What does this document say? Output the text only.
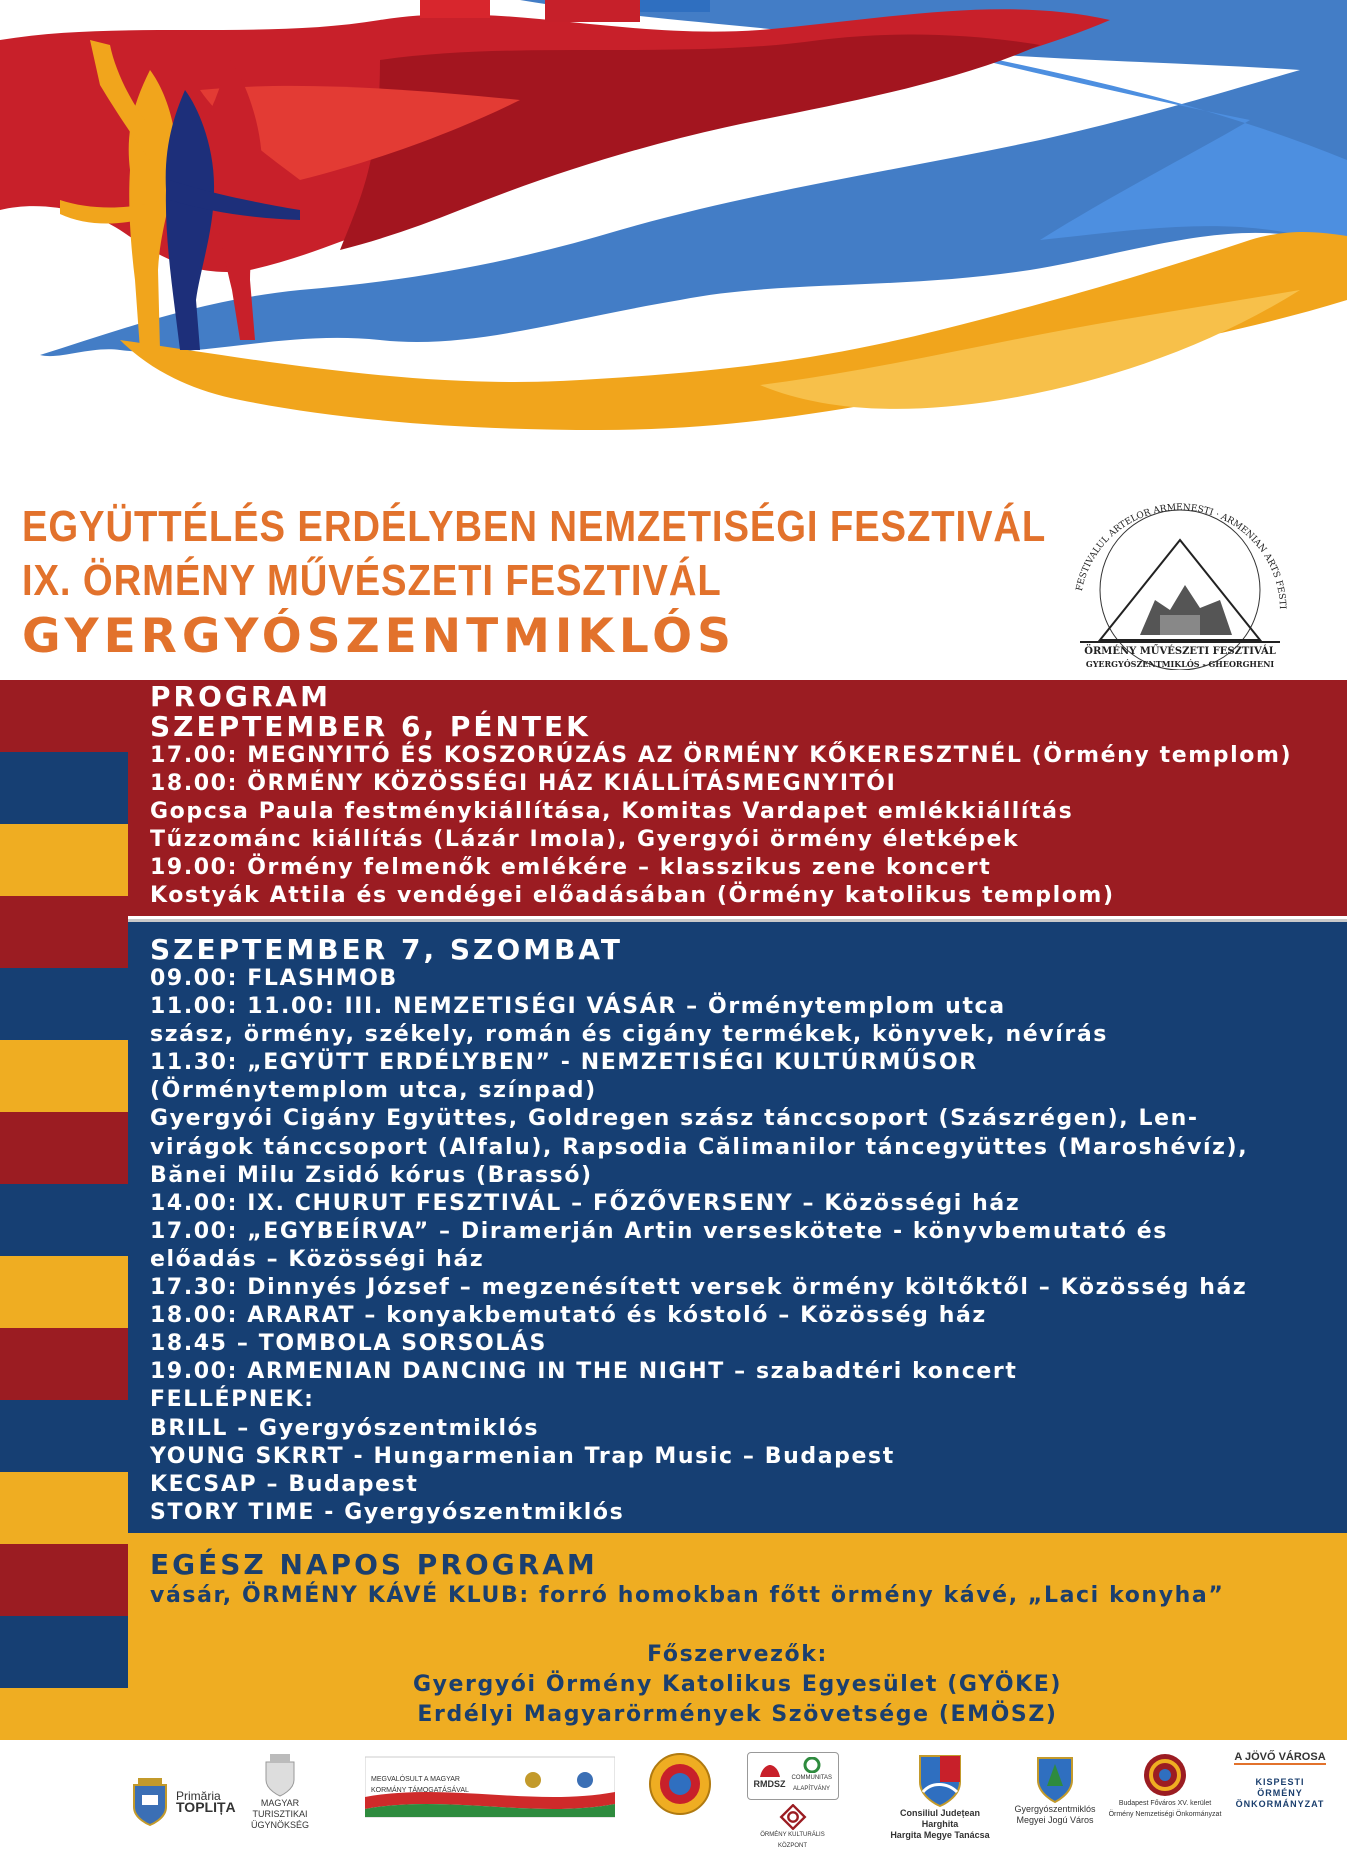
EGYÜTTÉLÉS ERDÉLYBEN NEMZETISÉGI FESZTIVÁL
IX. ÖRMÉNY MŰVÉSZETI FESZTIVÁL
GYERGYÓSZENTMIKLÓS
FESTIVALUL ARTELOR ARMENESTI · ARMENIAN ARTS FESTI
ÖRMÉNY MŰVÉSZETI FESZTIVÁL
GYERGYÓSZENTMIKLÓS - GHEORGHENI
PROGRAM
SZEPTEMBER 6, PÉNTEK
17.00: MEGNYITÓ ÉS KOSZORÚZÁS AZ ÖRMÉNY KŐKERESZTNÉL (Örmény templom)
18.00: ÖRMÉNY KÖZÖSSÉGI HÁZ KIÁLLÍTÁSMEGNYITÓI
Gopcsa Paula festménykiállítása, Komitas Vardapet emlékkiállítás
Tűzzománc kiállítás (Lázár Imola), Gyergyói örmény életképek
19.00: Örmény felmenők emlékére – klasszikus zene koncert
Kostyák Attila és vendégei előadásában (Örmény katolikus templom)
SZEPTEMBER 7, SZOMBAT
09.00: FLASHMOB
11.00: 11.00: III. NEMZETISÉGI VÁSÁR – Örménytemplom utca
szász, örmény, székely, román és cigány termékek, könyvek, névírás
11.30: „EGYÜTT ERDÉLYBEN” - NEMZETISÉGI KULTÚRMŰSOR
(Örménytemplom utca, színpad)
Gyergyói Cigány Együttes, Goldregen szász tánccsoport (Szászrégen), Len-
virágok tánccsoport (Alfalu), Rapsodia Călimanilor táncegyüttes (Maroshévíz),
Bănei Milu Zsidó kórus (Brassó)
14.00: IX. CHURUT FESZTIVÁL – FŐZŐVERSENY – Közösségi ház
17.00: „EGYBEÍRVA” – Diramerján Artin verseskötete - könyvbemutató és
előadás – Közösségi ház
17.30: Dinnyés József – megzenésített versek örmény költőktől – Közösség ház
18.00: ARARAT – konyakbemutató és kóstoló – Közösség ház
18.45 – TOMBOLA SORSOLÁS
19.00: ARMENIAN DANCING IN THE NIGHT – szabadtéri koncert
FELLÉPNEK:
BRILL – Gyergyószentmiklós
YOUNG SKRRT - Hungarmenian Trap Music – Budapest
KECSAP – Budapest
STORY TIME - Gyergyószentmiklós
EGÉSZ NAPOS PROGRAM
vásár, ÖRMÉNY KÁVÉ KLUB: forró homokban főtt örmény kávé, „Laci konyha”
Főszervezők:
Gyergyói Örmény Katolikus Egyesület (GYÖKE)
Erdélyi Magyarörmények Szövetsége (EMÖSZ)
Primăria
TOPLIȚA	MAGYAR
TURISZTIKAI ÜGYNÖKSÉG
MEGVALÓSULT A MAGYAR KORMÁNY TÁMOGATÁSÁVAL
RMDSZ
COMMUNITAS ALAPÍTVÁNY
ÖRMÉNY KULTURÁLIS KÖZPONT
Consiliul Județean Harghita
Hargita Megye Tanácsa
Gyergyószentmiklós
Megyei Jogú Város
Budapest Főváros XV. kerület
Örmény Nemzetiségi Önkormányzat
A JÖVŐ VÁROSA
KISPESTI
ÖRMÉNY
ÖNKORMÁNYZAT
